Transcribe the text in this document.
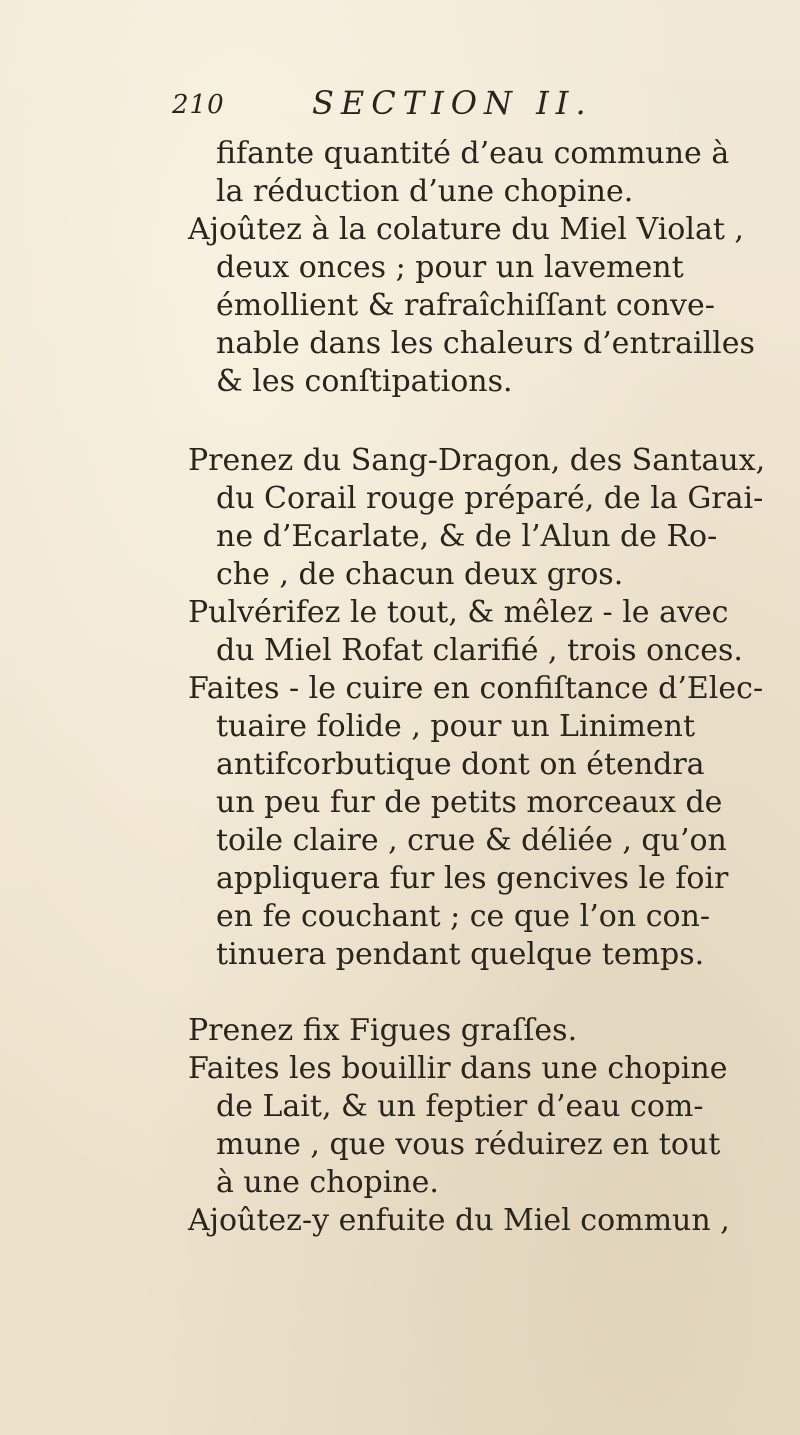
210	SECTION II.
fifante quantité d’eau commune à
la réduction d’une chopine.
Ajoûtez à la colature du Miel Violat ,
deux onces ; pour un lavement
émollient & rafraîchiſſant conve-
nable dans les chaleurs d’entrailles
& les conſtipations.
Prenez du Sang-Dragon, des Santaux,
du Corail rouge préparé, de la Grai-
ne d’Ecarlate, & de l’Alun de Ro-
che , de chacun deux gros.
Pulvérifez le tout, & mêlez - le avec
du Miel Rofat clarifié , trois onces.
Faites - le cuire en confiſtance d’Elec-
tuaire folide , pour un Liniment
antifcorbutique dont on étendra
un peu fur de petits morceaux de
toile claire , crue & déliée , qu’on
appliquera fur les gencives le foir
en fe couchant ; ce que l’on con-
tinuera pendant quelque temps.
Prenez fix Figues graſſes.
Faites les bouillir dans une chopine
de Lait, & un feptier d’eau com-
mune , que vous réduirez en tout
à une chopine.
Ajoûtez-y enfuite du Miel commun ,
